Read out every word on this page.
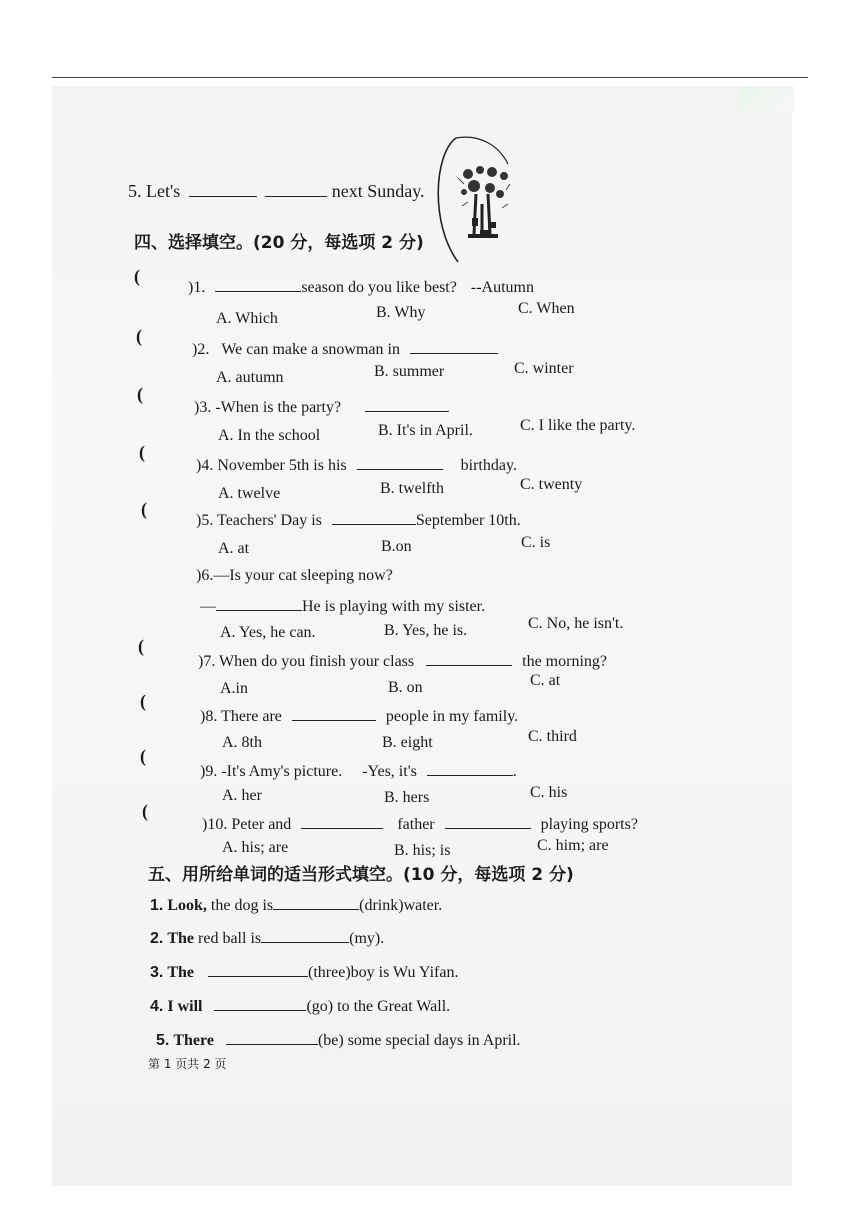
5. Let's	next Sunday.
四、选择填空。(20 分，每选项 2 分)
(
)1.	season do you like best? --Autumn
A. Which	B. Why	C. When
(
)2. We can make a snowman in
A. autumn	B. summer	C. winter
(
)3. -When is the party?
A. In the school	B. It's in April.	C. I like the party.
(
)4. November 5th is his	birthday.
A. twelve	B. twelfth	C. twenty
(
)5. Teachers' Day is	September 10th.
A. at	B.on	C. is
)6.—Is your cat sleeping now?
—	He is playing with my sister.
A. Yes, he can.	B. Yes, he is.	C. No, he isn't.
(
)7. When do you finish your class	the morning?
A.in	B. on	C. at
(
)8. There are	people in my family.
A. 8th	B. eight	C. third
(
)9. -It's Amy's picture. -Yes, it's	.
A. her	B. hers	C. his
(
)10. Peter and	father	playing sports?
A. his; are	B. his; is	C. him; are
五、用所给单词的适当形式填空。(10 分，每选项 2 分)
1. Look, the dog is	(drink)water.
2. The red ball is	(my).
3. The	(three)boy is Wu Yifan.
4. I will	(go) to the Great Wall.
5. There	(be) some special days in April.
第 1 页共 2 页
